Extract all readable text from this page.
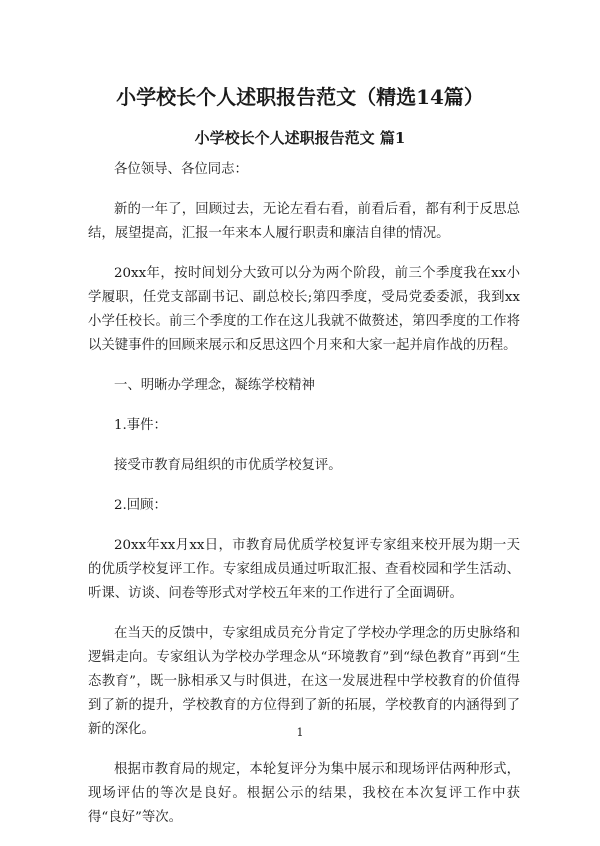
小学校长个人述职报告范文（精选14篇）
小学校长个人述职报告范文 篇1

各位领导、各位同志：

新的一年了，回顾过去，无论左看右看，前看后看，都有利于反思总结，展望提高，汇报一年来本人履行职责和廉洁自律的情况。

20xx年，按时间划分大致可以分为两个阶段，前三个季度我在xx小学履职，任党支部副书记、副总校长;第四季度，受局党委委派，我到xx小学任校长。前三个季度的工作在这儿我就不做赘述，第四季度的工作将以关键事件的回顾来展示和反思这四个月来和大家一起并肩作战的历程。

一、明晰办学理念，凝练学校精神

1.事件：

接受市教育局组织的市优质学校复评。

2.回顾：

20xx年xx月xx日，市教育局优质学校复评专家组来校开展为期一天的优质学校复评工作。专家组成员通过听取汇报、查看校园和学生活动、听课、访谈、问卷等形式对学校五年来的工作进行了全面调研。

在当天的反馈中，专家组成员充分肯定了学校办学理念的历史脉络和逻辑走向。专家组认为学校办学理念从“环境教育”到“绿色教育”再到“生态教育”，既一脉相承又与时俱进，在这一发展进程中学校教育的价值得到了新的提升，学校教育的方位得到了新的拓展，学校教育的内涵得到了新的深化。

根据市教育局的规定，本轮复评分为集中展示和现场评估两种形式，现场评估的等次是良好。根据公示的结果，我校在本次复评工作中获得“良好”等次。

1
